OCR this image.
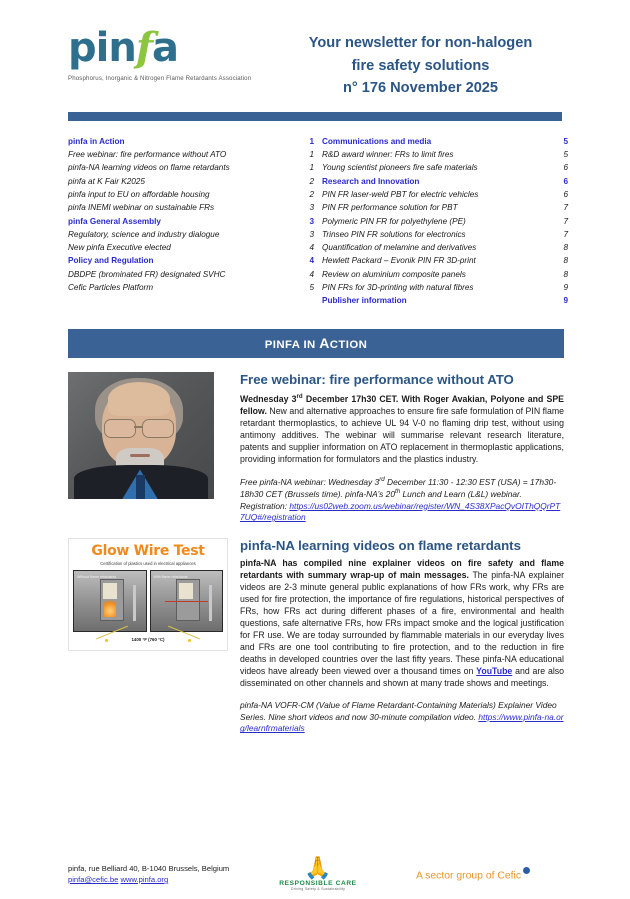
pinfa
Phosphorus, Inorganic & Nitrogen Flame Retardants Association
Your newsletter for non-halogen
fire safety solutions
n° 176 November 2025
pinfa in Action	1
Free webinar: fire performance without ATO	1
pinfa-NA learning videos on flame retardants	1
pinfa at K Fair K2025	2
pinfa input to EU on affordable housing	2
pinfa INEMI webinar on sustainable FRs	3
pinfa General Assembly	3
Regulatory, science and industry dialogue	3
New pinfa Executive elected	4
Policy and Regulation	4
DBDPE (brominated FR) designated SVHC	4
Cefic Particles Platform	5
Communications and media	5
R&D award winner: FRs to limit fires	5
Young scientist pioneers fire safe materials	6
Research and Innovation	6
PIN FR laser-weld PBT for electric vehicles	6
PIN FR performance solution for PBT	7
Polymeric PIN FR for polyethylene (PE)	7
Trinseo PIN FR solutions for electronics	7
Quantification of melamine and derivatives	8
Hewlett Packard – Evonik PIN FR 3D-print	8
Review on aluminium composite panels	8
PIN FRs for 3D-printing with natural fibres	9
Publisher information	9
PINFA IN ACTION
Free webinar: fire performance without ATO

Wednesday 3rd December 17h30 CET. With Roger Avakian, Polyone and SPE fellow. New and alternative approaches to ensure fire safe formulation of PIN flame retardant thermoplastics, to achieve UL 94 V-0 no flaming drip test, without using antimony additives. The webinar will summarise relevant research literature, patents and supplier information on ATO replacement in thermoplastic applications, providing information for formulators and the plastics industry.

Free pinfa-NA webinar: Wednesday 3rd December 11:30 - 12:30 EST (USA) = 17h30-18h30 CET (Brussels time). pinfa-NA’s 20th Lunch and Learn (L&L) webinar. Registration: https://us02web.zoom.us/webinar/register/WN_4S38XPacQvOIThQQrPT7UQ#/registration

Glow Wire Test
Certification of plastics used in electrical appliances
Without flame retardants	With flame retardants
1400 °F (760 °C)
pinfa-NA learning videos on flame retardants

pinfa-NA has compiled nine explainer videos on fire safety and flame retardants with summary wrap-up of main messages. The pinfa-NA explainer videos are 2-3 minute general public explanations of how FRs work, why FRs are used for fire protection, the importance of fire regulations, historical perspectives of FRs, how FRs act during different phases of a fire, environmental and health questions, safe alternative FRs, how FRs impact smoke and the logical justification for FR use. We are today surrounded by flammable materials in our everyday lives and FRs are one tool contributing to fire protection, and to the reduction in fire deaths in developed countries over the last fifty years. These pinfa-NA educational videos have already been viewed over a thousand times on YouTube and are also disseminated on other channels and shown at many trade shows and meetings.

pinfa-NA VOFR-CM (Value of Flame Retardant-Containing Materials) Explainer Video Series. Nine short videos and now 30-minute compilation video. https://www.pinfa-na.org/learnfrmaterials

pinfa, rue Belliard 40, B-1040 Brussels, Belgium
pinfa@cefic.be www.pinfa.org	🙏
RESPONSIBLE CARE
Driving Safety & Sustainability
A sector group of Cefic
